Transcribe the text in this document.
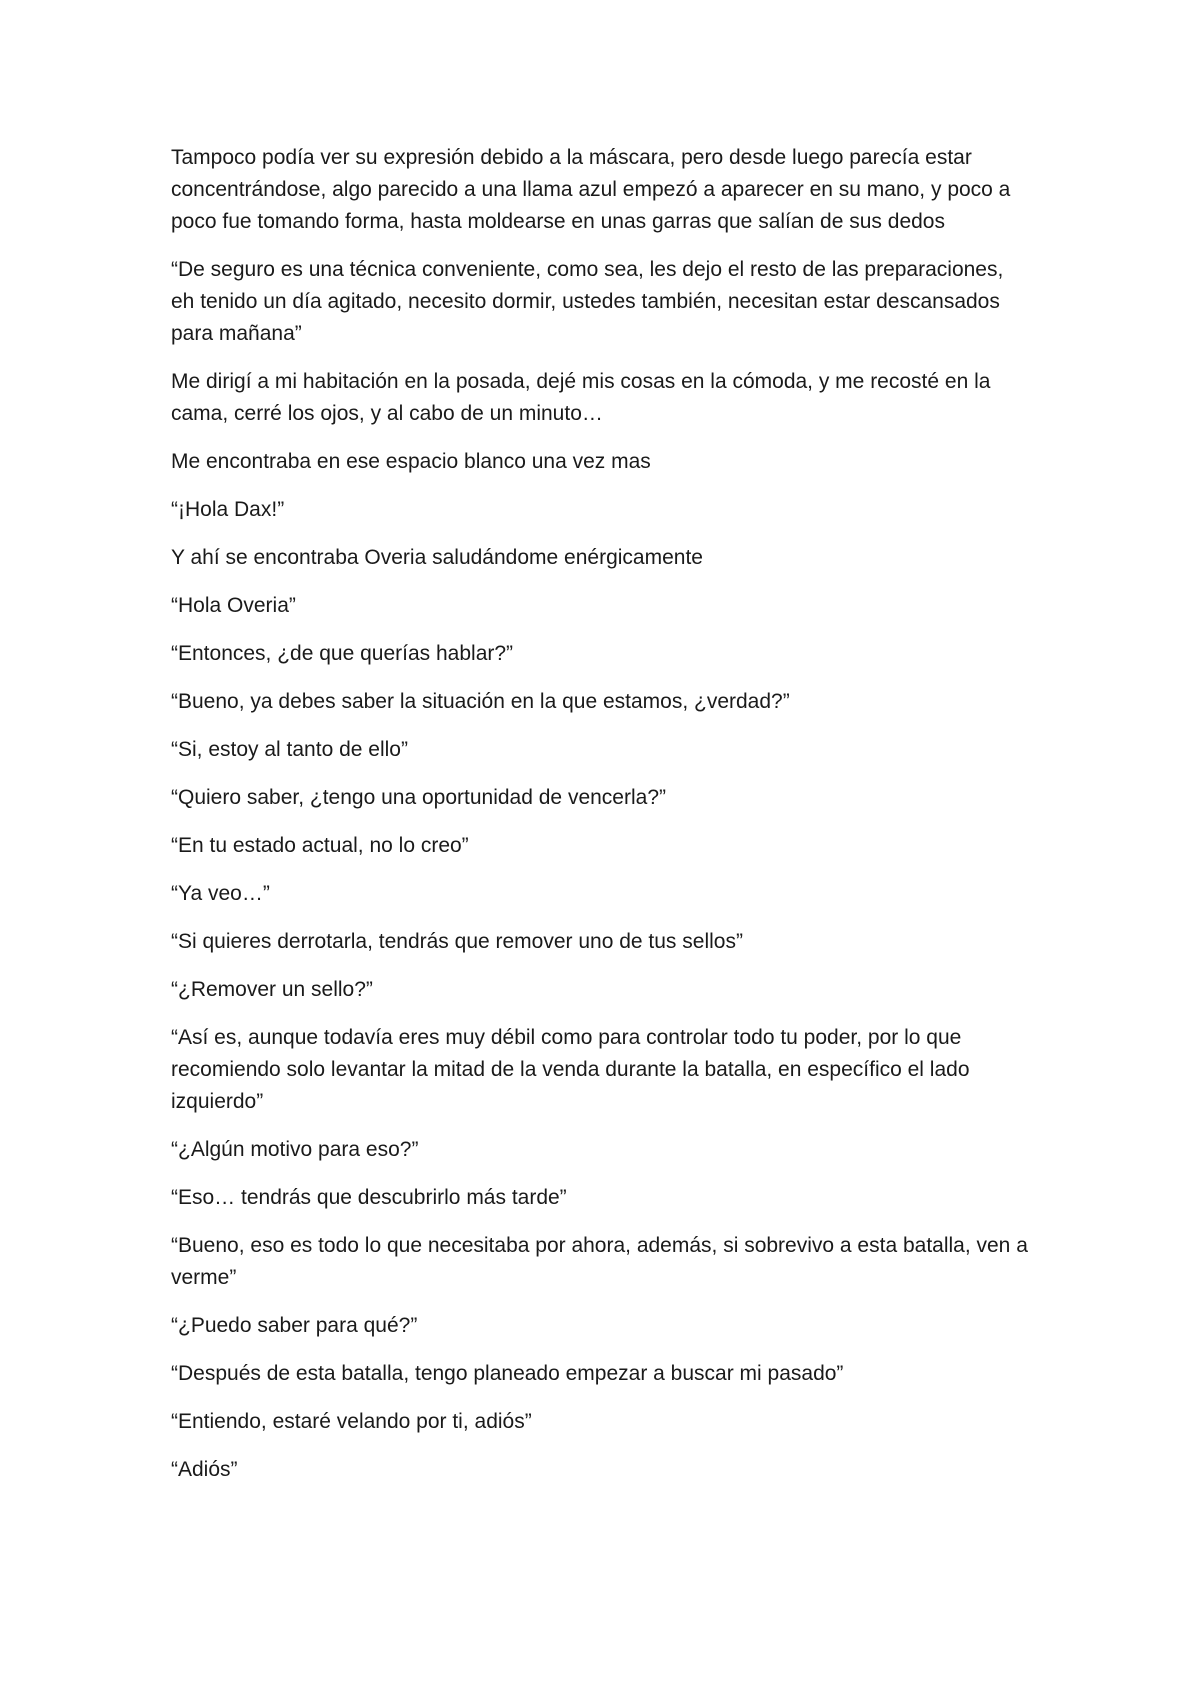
Tampoco podía ver su expresión debido a la máscara, pero desde luego parecía estar concentrándose, algo parecido a una llama azul empezó a aparecer en su mano, y poco a poco fue tomando forma, hasta moldearse en unas garras que salían de sus dedos

“De seguro es una técnica conveniente, como sea, les dejo el resto de las preparaciones, eh tenido un día agitado, necesito dormir, ustedes también, necesitan estar descansados para mañana”

Me dirigí a mi habitación en la posada, dejé mis cosas en la cómoda, y me recosté en la cama, cerré los ojos, y al cabo de un minuto…

Me encontraba en ese espacio blanco una vez mas

“¡Hola Dax!”

Y ahí se encontraba Overia saludándome enérgicamente

“Hola Overia”

“Entonces, ¿de que querías hablar?”

“Bueno, ya debes saber la situación en la que estamos, ¿verdad?”

“Si, estoy al tanto de ello”

“Quiero saber, ¿tengo una oportunidad de vencerla?”

“En tu estado actual, no lo creo”

“Ya veo…”

“Si quieres derrotarla, tendrás que remover uno de tus sellos”

“¿Remover un sello?”

“Así es, aunque todavía eres muy débil como para controlar todo tu poder, por lo que recomiendo solo levantar la mitad de la venda durante la batalla, en específico el lado izquierdo”

“¿Algún motivo para eso?”

“Eso… tendrás que descubrirlo más tarde”

“Bueno, eso es todo lo que necesitaba por ahora, además, si sobrevivo a esta batalla, ven a verme”

“¿Puedo saber para qué?”

“Después de esta batalla, tengo planeado empezar a buscar mi pasado”

“Entiendo, estaré velando por ti, adiós”

“Adiós”
